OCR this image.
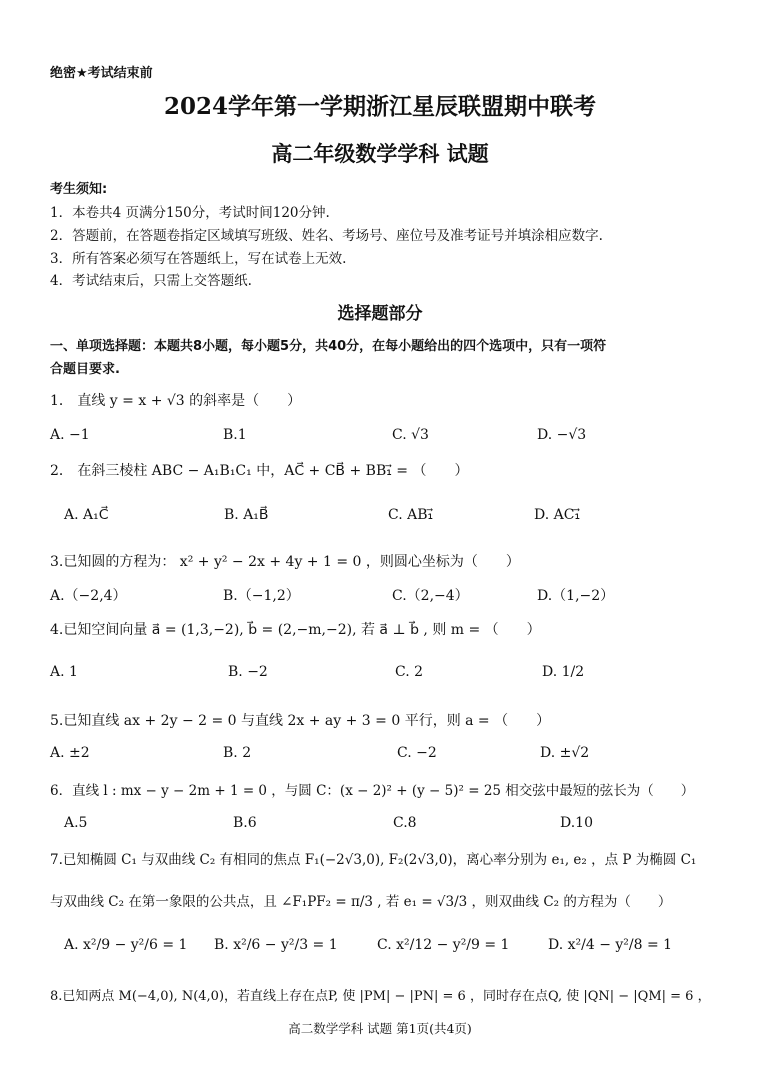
绝密★考试结束前
2024学年第一学期浙江星辰联盟期中联考
高二年级数学学科 试题
考生须知:
1．本卷共4 页满分150分，考试时间120分钟.
2．答题前，在答题卷指定区域填写班级、姓名、考场号、座位号及准考证号并填涂相应数字.
3．所有答案必须写在答题纸上，写在试卷上无效.
4．考试结束后，只需上交答题纸.
选择题部分
一、单项选择题：本题共8小题，每小题5分，共40分，在每小题给出的四个选项中，只有一项符
合题目要求.
1． 直线 y = x + √3 的斜率是（　　）
A. −1	B.1	C. √3	D. −√3
2． 在斜三棱柱 ABC − A₁B₁C₁ 中，AC⃗ + CB⃗ + BB₁⃗ = （　　）
A. A₁C⃗	B. A₁B⃗	C. AB₁⃗	D. AC₁⃗
3.已知圆的方程为： x² + y² − 2x + 4y + 1 = 0 ，则圆心坐标为（　　）
A.（−2,4）	B.（−1,2）	C.（2,−4）	D.（1,−2）
4.已知空间向量 a⃗ = (1,3,−2), b⃗ = (2,−m,−2), 若 a⃗ ⊥ b⃗ , 则 m = （　　）
A. 1	B. −2	C. 2	D. 1/2
5.已知直线 ax + 2y − 2 = 0 与直线 2x + ay + 3 = 0 平行，则 a = （　　）
A. ±2	B. 2	C. −2	D. ±√2
6．直线 l : mx − y − 2m + 1 = 0 ，与圆 C：(x − 2)² + (y − 5)² = 25 相交弦中最短的弦长为（　　）
A.5	B.6	C.8	D.10
7.已知椭圆 C₁ 与双曲线 C₂ 有相同的焦点 F₁(−2√3,0), F₂(2√3,0)，离心率分别为 e₁, e₂ ，点 P 为椭圆 C₁
与双曲线 C₂ 在第一象限的公共点，且 ∠F₁PF₂ = π/3 , 若 e₁ = √3/3 ，则双曲线 C₂ 的方程为（　　）
A. x²/9 − y²/6 = 1 B. x²/6 − y²/3 = 1	C. x²/12 − y²/9 = 1	D. x²/4 − y²/8 = 1
8.已知两点 M(−4,0), N(4,0)，若直线上存在点P, 使 |PM| − |PN| = 6 ，同时存在点Q, 使 |QN| − |QM| = 6 ，
高二数学学科 试题 第1页(共4页)
